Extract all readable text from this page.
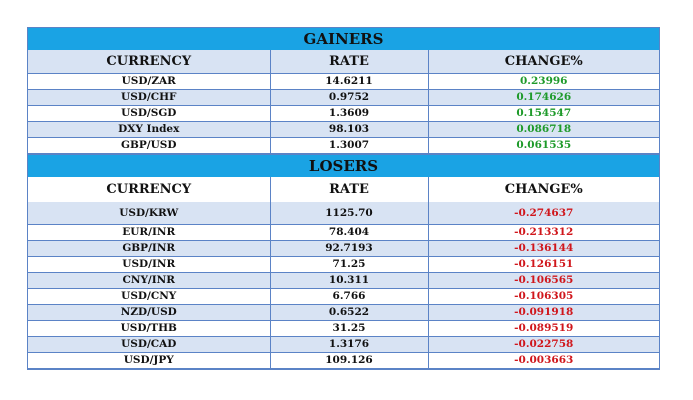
GAINERS
CURRENCY	RATE	CHANGE%
USD/ZAR	14.6211	0.23996
USD/CHF	0.9752	0.174626
USD/SGD	1.3609	0.154547
DXY Index	98.103	0.086718
GBP/USD	1.3007	0.061535
LOSERS
CURRENCY	RATE	CHANGE%
USD/KRW	1125.70	-0.274637
EUR/INR	78.404	-0.213312
GBP/INR	92.7193	-0.136144
USD/INR	71.25	-0.126151
CNY/INR	10.311	-0.106565
USD/CNY	6.766	-0.106305
NZD/USD	0.6522	-0.091918
USD/THB	31.25	-0.089519
USD/CAD	1.3176	-0.022758
USD/JPY	109.126	-0.003663
